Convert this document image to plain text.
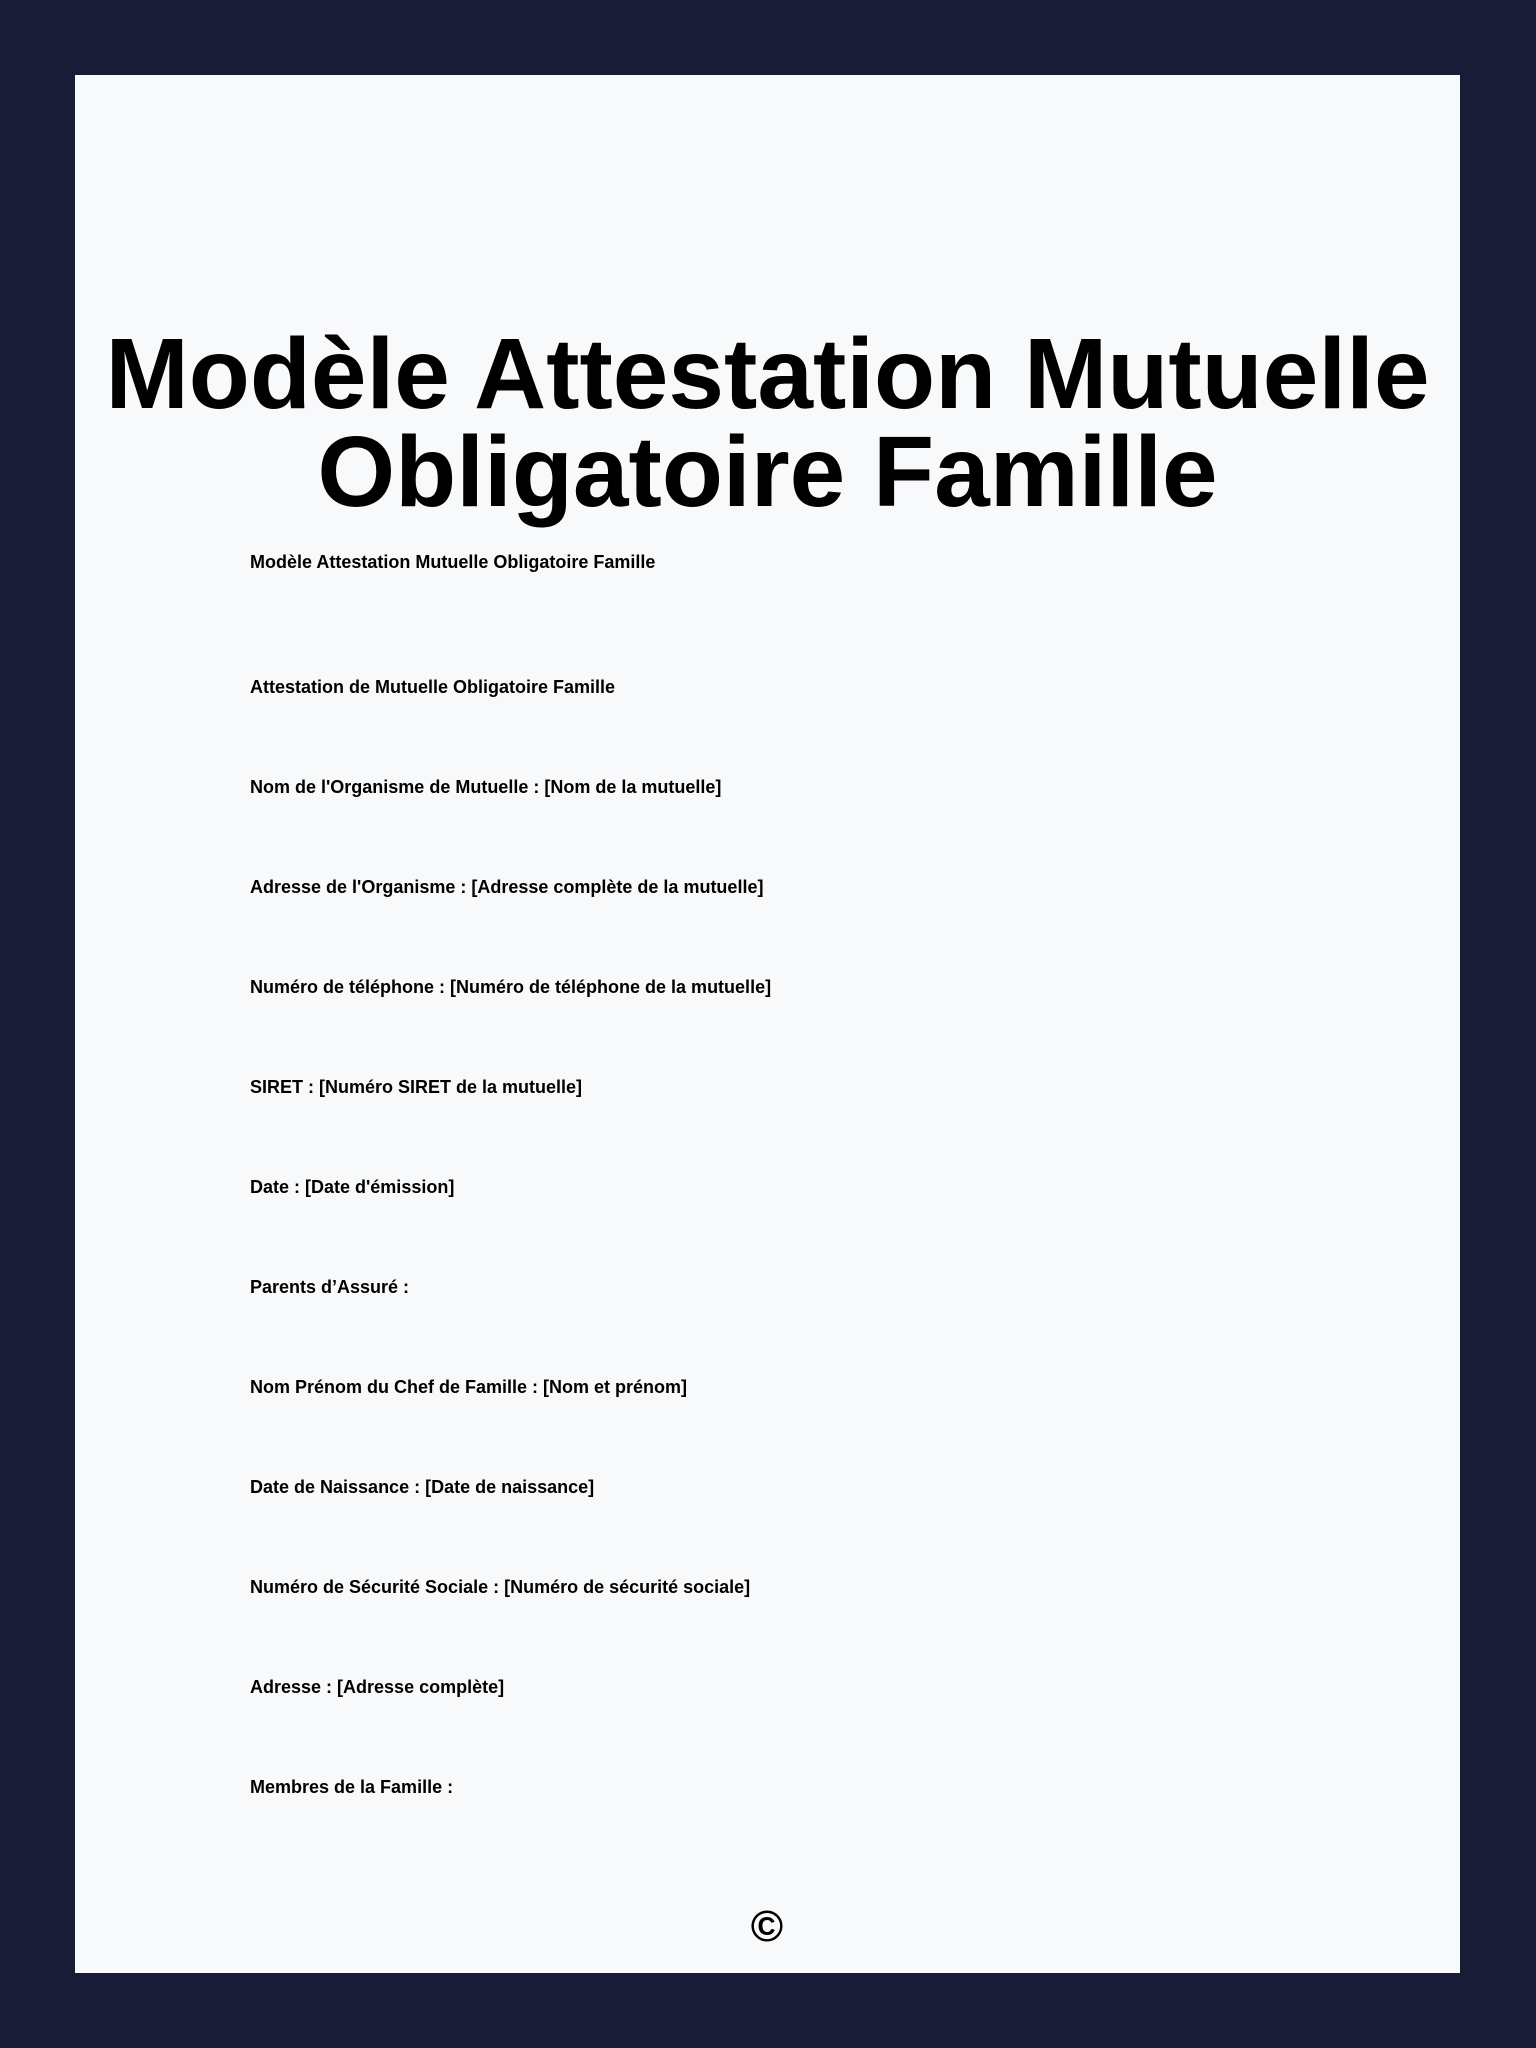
Modèle Attestation Mutuelle Obligatoire Famille

Modèle Attestation Mutuelle Obligatoire Famille

Attestation de Mutuelle Obligatoire Famille

Nom de l'Organisme de Mutuelle : [Nom de la mutuelle]

Adresse de l'Organisme : [Adresse complète de la mutuelle]

Numéro de téléphone : [Numéro de téléphone de la mutuelle]

SIRET : [Numéro SIRET de la mutuelle]

Date : [Date d'émission]

Parents d’Assuré :

Nom Prénom du Chef de Famille : [Nom et prénom]

Date de Naissance : [Date de naissance]

Numéro de Sécurité Sociale : [Numéro de sécurité sociale]

Adresse : [Adresse complète]

Membres de la Famille :

©
